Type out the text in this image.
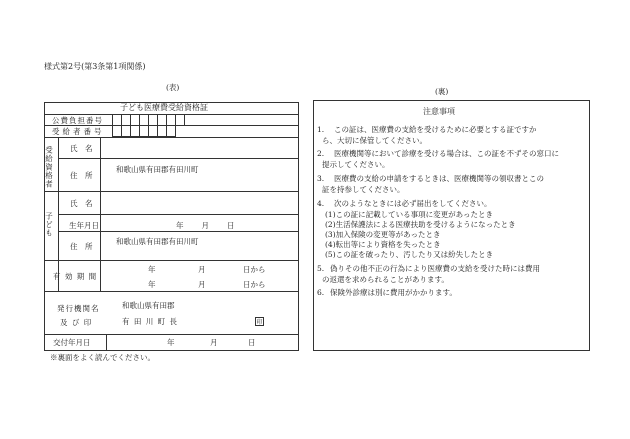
様式第2号(第3条第1項関係)
(表)	(裏)
子ども医療費受給資格証
公費負担番号
受給者番号
受給資格者 氏　名
住　所
和歌山県有田郡有田川町
子ども
氏　名
生年月日	年　　月　　日
住　所
和歌山県有田郡有田川町
有 効 期 間
年	月	日から
年	月	日から
発行機関名
及 び 印
和歌山県有田郡
有 田 川 町 長	印
交付年月日	年	月	日
※裏面をよく読んでください。
注意事項
1. この証は、医療費の支給を受けるために必要とする証ですか
ら、大切に保管してください。
2. 医療機関等において診療を受ける場合は、この証を不ずその窓口に
提示してください。
3. 医療費の支給の申請をするときは、医療機関等の領収書とこの
証を持参してください。
4. 次のようなときには必ず届出をしてください。
(1)この証に記載している事項に変更があったとき
(2)生活保護法による医療扶助を受けるようになったとき
(3)加入保険の変更等があったとき
(4)転出等により資格を失ったとき
(5)この証を破ったり、汚したり又は紛失したとき
5. 偽りその他不正の行為により医療費の支給を受けた時には費用
の返還を求められることがあります。
6. 保険外診療は別に費用がかかります。
